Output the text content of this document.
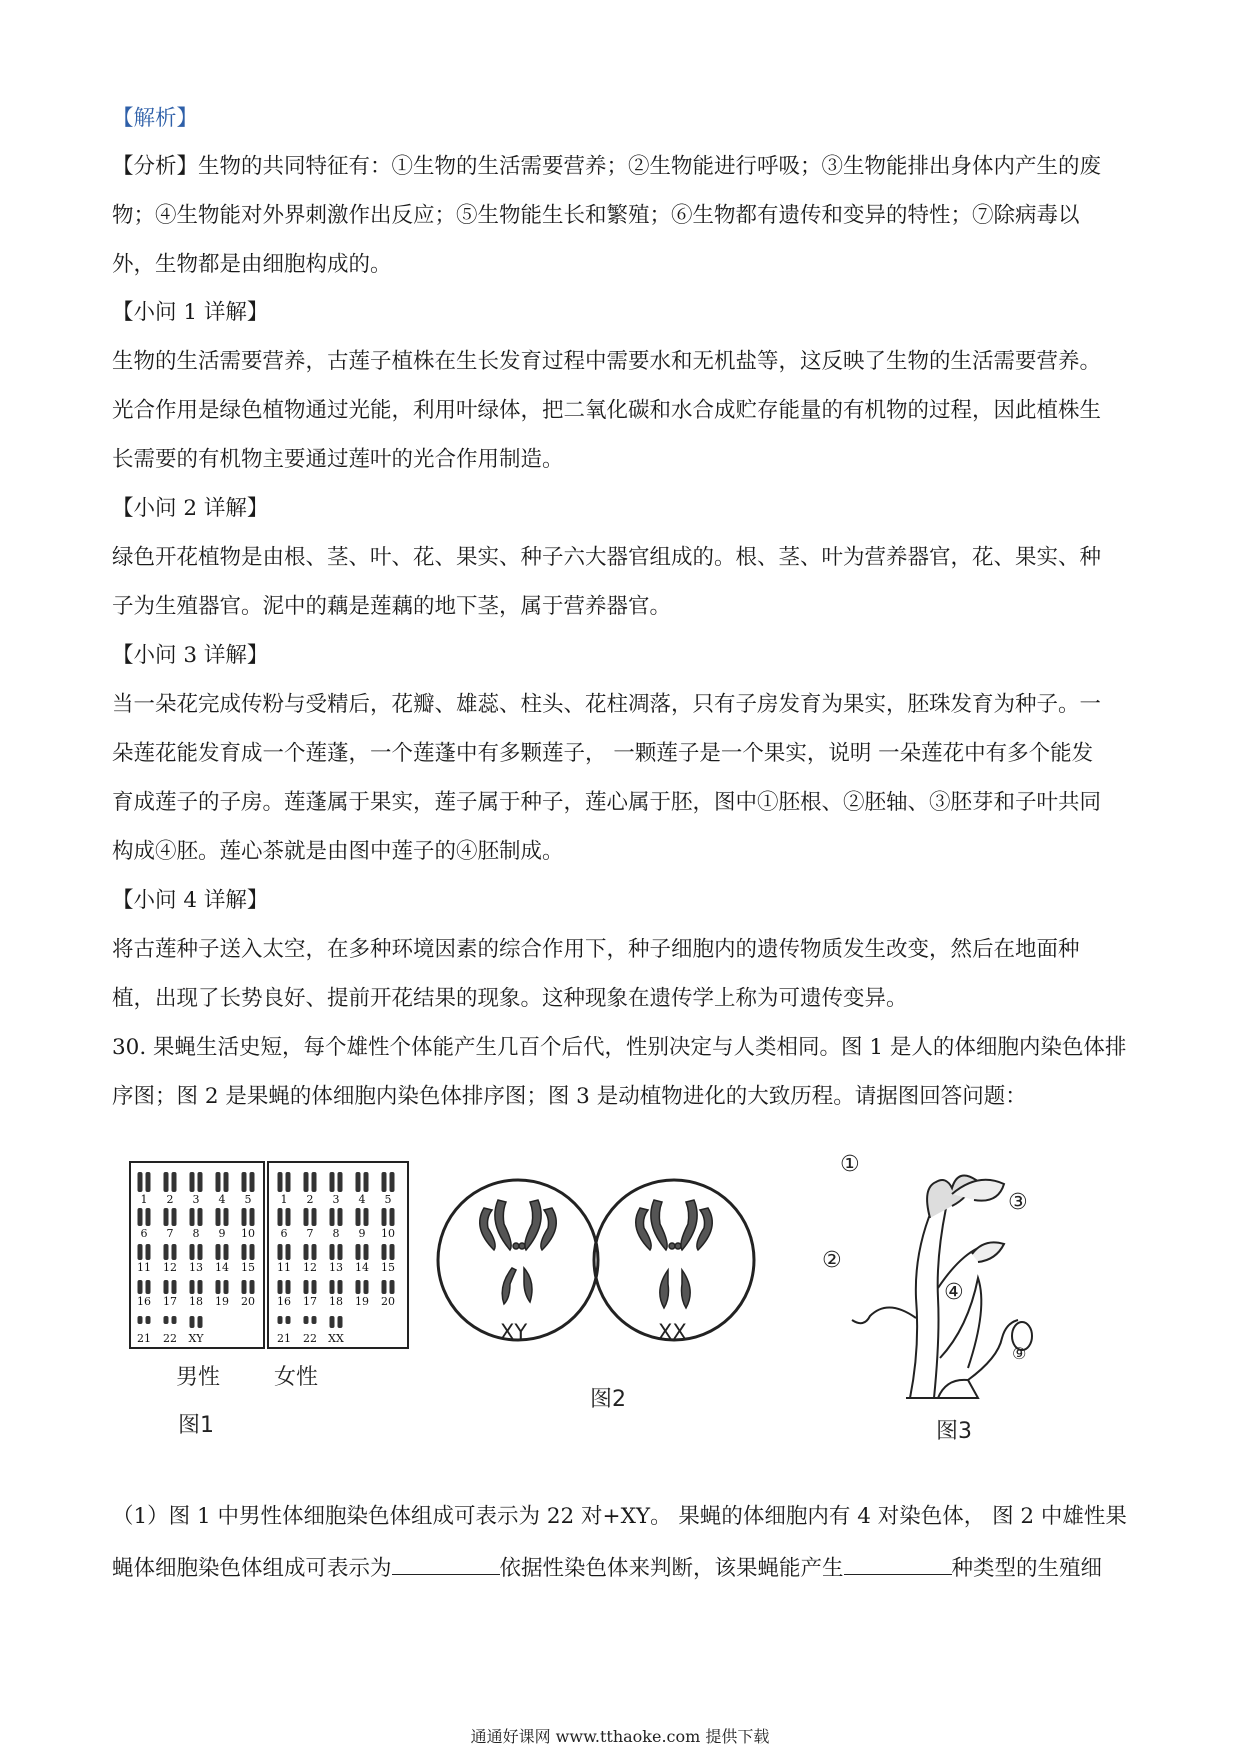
【解析】
【分析】生物的共同特征有：①生物的生活需要营养；②生物能进行呼吸；③生物能排出身体内产生的废
物；④生物能对外界刺激作出反应；⑤生物能生长和繁殖；⑥生物都有遗传和变异的特性；⑦除病毒以
外，生物都是由细胞构成的。
【小问 1 详解】
生物的生活需要营养，古莲子植株在生长发育过程中需要水和无机盐等，这反映了生物的生活需要营养。
光合作用是绿色植物通过光能，利用叶绿体，把二氧化碳和水合成贮存能量的有机物的过程，因此植株生
长需要的有机物主要通过莲叶的光合作用制造。
【小问 2 详解】
绿色开花植物是由根、茎、叶、花、果实、种子六大器官组成的。根、茎、叶为营养器官，花、果实、种
子为生殖器官。泥中的藕是莲藕的地下茎，属于营养器官。
【小问 3 详解】
当一朵花完成传粉与受精后，花瓣、雄蕊、柱头、花柱凋落，只有子房发育为果实，胚珠发育为种子。一
朵莲花能发育成一个莲蓬，一个莲蓬中有多颗莲子， 一颗莲子是一个果实，说明 一朵莲花中有多个能发
育成莲子的子房。莲蓬属于果实，莲子属于种子，莲心属于胚，图中①胚根、②胚轴、③胚芽和子叶共同
构成④胚。莲心茶就是由图中莲子的④胚制成。
【小问 4 详解】
将古莲种子送入太空，在多种环境因素的综合作用下，种子细胞内的遗传物质发生改变，然后在地面种
植，出现了长势良好、提前开花结果的现象。这种现象在遗传学上称为可遗传变异。
30. 果蝇生活史短，每个雄性个体能产生几百个后代，性别决定与人类相同。图 1 是人的体细胞内染色体排
序图；图 2 是果蝇的体细胞内染色体排序图；图 3 是动植物进化的大致历程。请据图回答问题：
1 2 3 4 5
6 7 8 9 10
11 12 13 14 15
16 17 18 19 20
21 22 XY
1 2 3 4 5
6 7 8 9 10
11 12 13 14 15
16 17 18 19 20
21 22 XX
男性 女性
图1
XY	XX
图2
①
②
③
④
⑨
图3
（1）图 1 中男性体细胞染色体组成可表示为 22 对+XY。 果蝇的体细胞内有 4 对染色体， 图 2 中雄性果
蝇体细胞染色体组成可表示为	依据性染色体来判断，该果蝇能产生	种类型的生殖细
通通好课网 www.tthaoke.com 提供下载
